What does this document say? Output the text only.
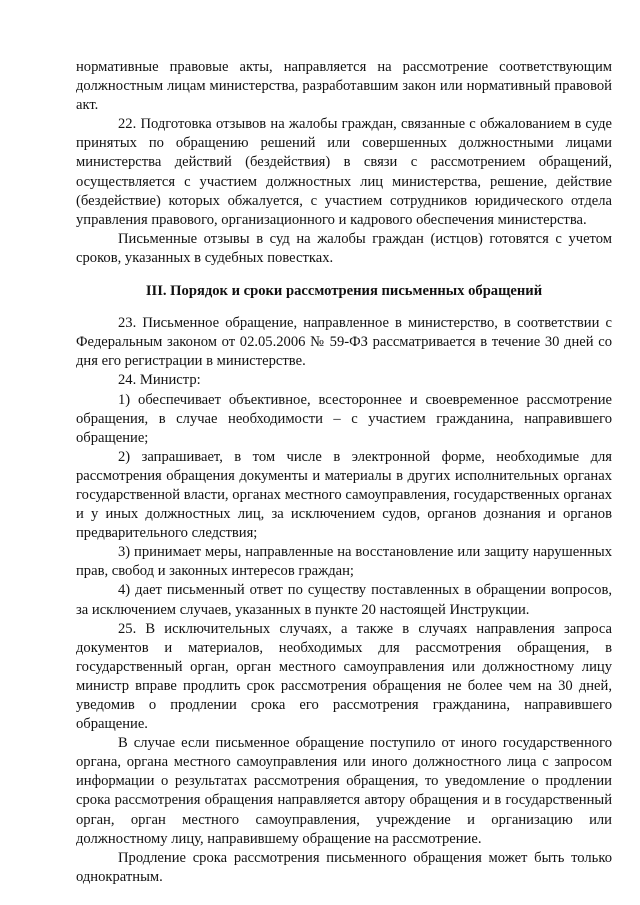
нормативные правовые акты, направляется на рассмотрение соответствующим должностным лицам министерства, разработавшим закон или нормативный правовой акт.

22. Подготовка отзывов на жалобы граждан, связанные с обжалованием в суде принятых по обращению решений или совершенных должностными лицами министерства действий (бездействия) в связи с рассмотрением обращений, осуществляется с участием должностных лиц министерства, решение, действие (бездействие) которых обжалуется, с участием сотрудников юридического отдела управления правового, организационного и кадрового обеспечения министерства.

Письменные отзывы в суд на жалобы граждан (истцов) готовятся с учетом сроков, указанных в судебных повестках.

III. Порядок и сроки рассмотрения письменных обращений

23. Письменное обращение, направленное в министерство, в соответствии с Федеральным законом от 02.05.2006 № 59-ФЗ рассматривается в течение 30 дней со дня его регистрации в министерстве.

24. Министр:

1) обеспечивает объективное, всестороннее и своевременное рассмотрение обращения, в случае необходимости – с участием гражданина, направившего обращение;

2) запрашивает, в том числе в электронной форме, необходимые для рассмотрения обращения документы и материалы в других исполнительных органах государственной власти, органах местного самоуправления, государственных органах и у иных должностных лиц, за исключением судов, органов дознания и органов предварительного следствия;

3) принимает меры, направленные на восстановление или защиту нарушенных прав, свобод и законных интересов граждан;

4) дает письменный ответ по существу поставленных в обращении вопросов, за исключением случаев, указанных в пункте 20 настоящей Инструкции.

25. В исключительных случаях, а также в случаях направления запроса документов и материалов, необходимых для рассмотрения обращения, в государственный орган, орган местного самоуправления или должностному лицу министр вправе продлить срок рассмотрения обращения не более чем на 30 дней, уведомив о продлении срока его рассмотрения гражданина, направившего обращение.

В случае если письменное обращение поступило от иного государственного органа, органа местного самоуправления или иного должностного лица с запросом информации о результатах рассмотрения обращения, то уведомление о продлении срока рассмотрения обращения направляется автору обращения и в государственный орган, орган местного самоуправления, учреждение и организацию или должностному лицу, направившему обращение на рассмотрение.

Продление срока рассмотрения письменного обращения может быть только однократным.
